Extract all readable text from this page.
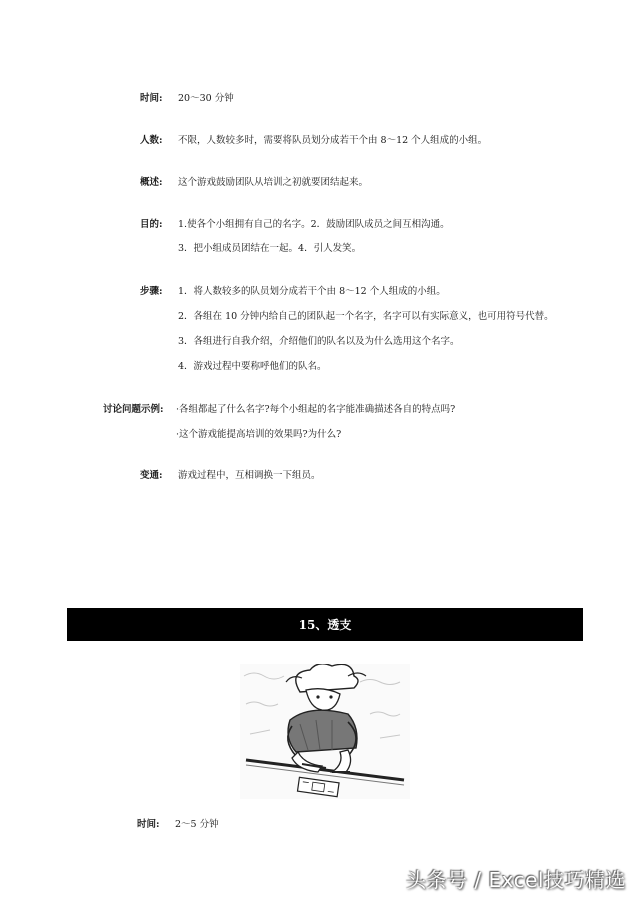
时间: 20～30 分钟
人数: 不限，人数较多时，需要将队员划分成若干个由 8～12 个人组成的小组。
概述: 这个游戏鼓励团队从培训之初就要团结起来。
目的: 1.使各个小组拥有自己的名字。2．鼓励团队成员之间互相沟通。
3．把小组成员团结在一起。4．引人发笑。
步骤: 1．将人数较多的队员划分成若干个由 8～12 个人组成的小组。
2．各组在 10 分钟内给自己的团队起一个名字，名字可以有实际意义，也可用符号代替。
3．各组进行自我介绍，介绍他们的队名以及为什么选用这个名字。
4．游戏过程中要称呼他们的队名。
讨论问题示例: ·各组都起了什么名字?每个小组起的名字能准确描述各自的特点吗?
·这个游戏能提高培训的效果吗?为什么?
变通: 游戏过程中，互相调换一下组员。
15、透支
时间: 2～5 分钟
头条号 / Excel技巧精选
